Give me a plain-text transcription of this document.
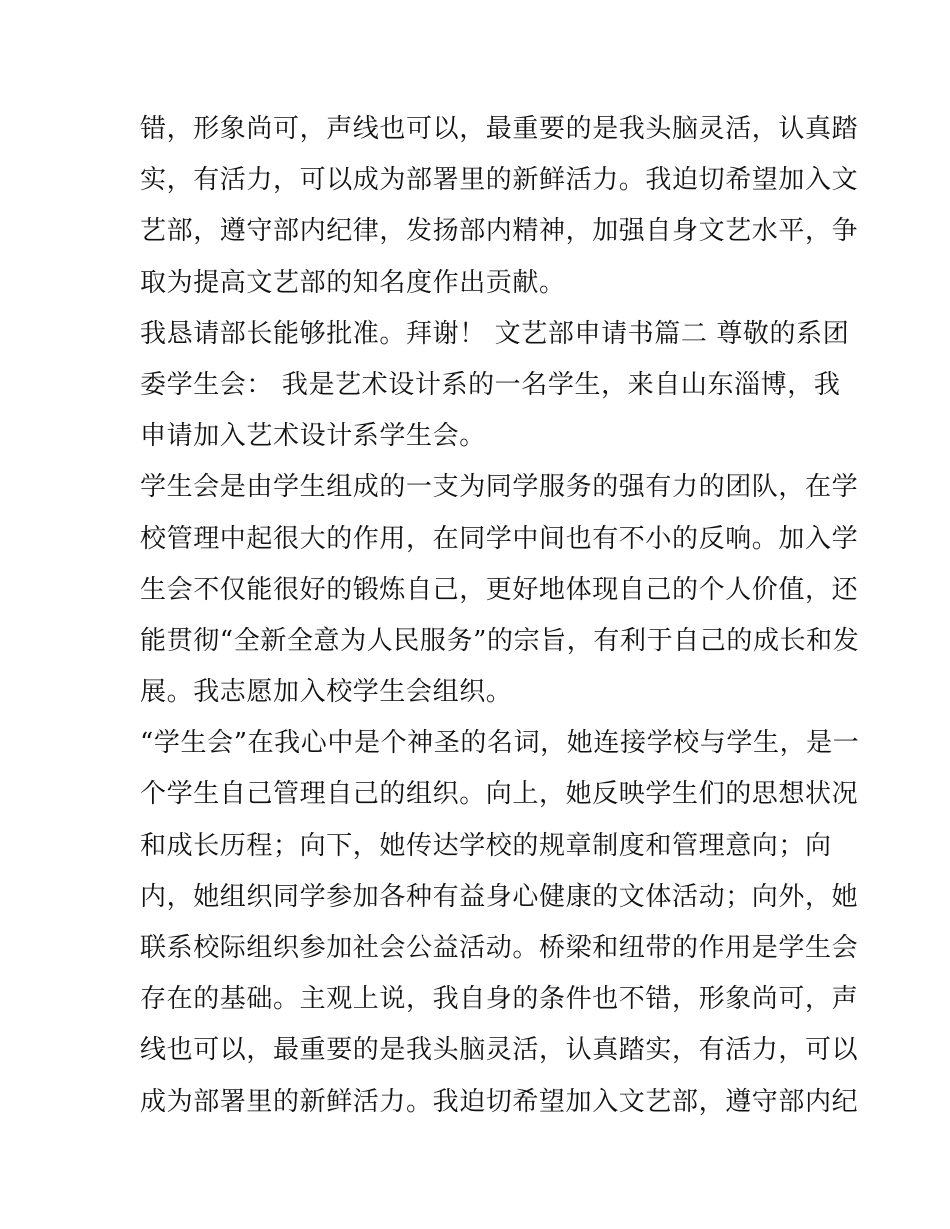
错，形象尚可，声线也可以，最重要的是我头脑灵活，认真踏
实，有活力，可以成为部署里的新鲜活力。我迫切希望加入文
艺部，遵守部内纪律，发扬部内精神，加强自身文艺水平，争
取为提高文艺部的知名度作出贡献。
我恳请部长能够批准。拜谢！ 文艺部申请书篇二 尊敬的系团
委学生会： 我是艺术设计系的一名学生，来自山东淄博，我
申请加入艺术设计系学生会。
学生会是由学生组成的一支为同学服务的强有力的团队，在学
校管理中起很大的作用，在同学中间也有不小的反响。加入学
生会不仅能很好的锻炼自己，更好地体现自己的个人价值，还
能贯彻“全新全意为人民服务”的宗旨，有利于自己的成长和发
展。我志愿加入校学生会组织。
“学生会”在我心中是个神圣的名词，她连接学校与学生，是一
个学生自己管理自己的组织。向上，她反映学生们的思想状况
和成长历程；向下，她传达学校的规章制度和管理意向；向
内，她组织同学参加各种有益身心健康的文体活动；向外，她
联系校际组织参加社会公益活动。桥梁和纽带的作用是学生会
存在的基础。主观上说，我自身的条件也不错，形象尚可，声
线也可以，最重要的是我头脑灵活，认真踏实，有活力，可以
成为部署里的新鲜活力。我迫切希望加入文艺部，遵守部内纪
